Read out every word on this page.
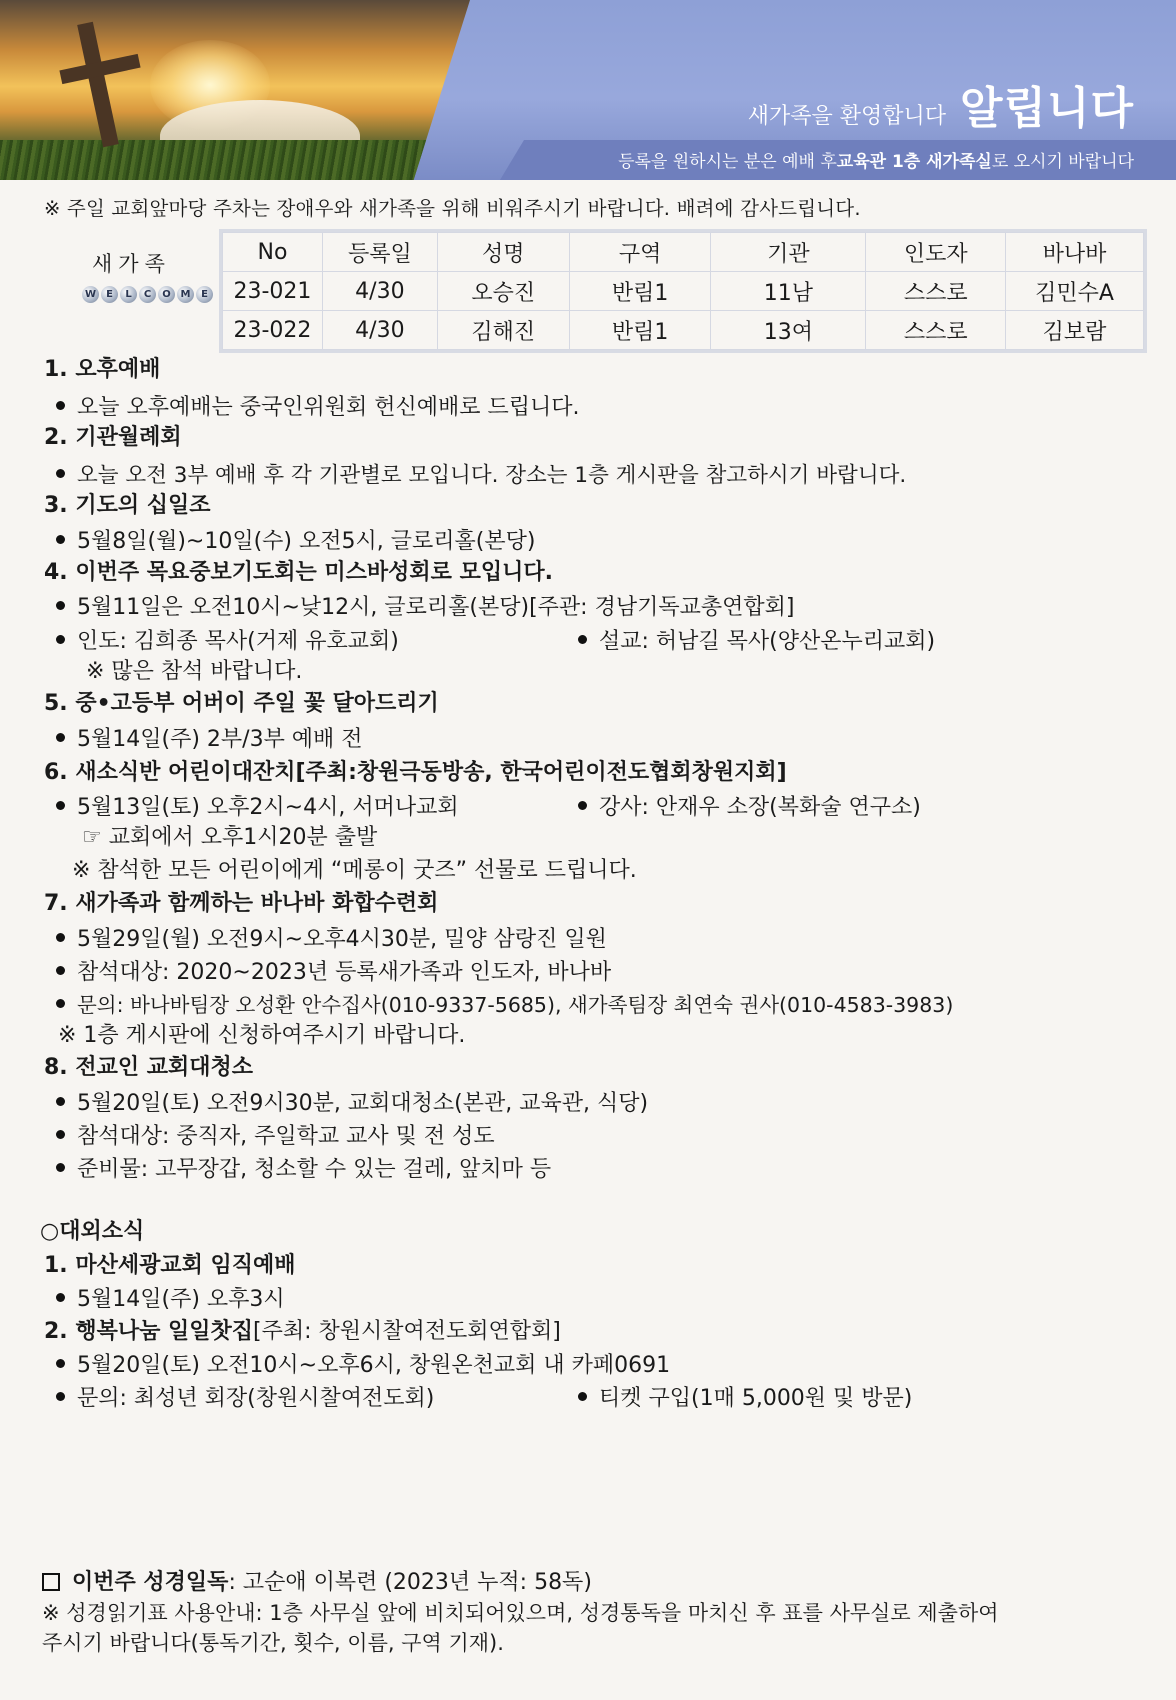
새가족을 환영합니다 알립니다
등록을 원하시는 분은 예배 후 교육관 1층 새가족실 로 오시기 바랍니다
※ 주일 교회앞마당 주차는 장애우와 새가족을 위해 비워주시기 바랍니다. 배려에 감사드립니다.
새가족
W	E	L	C	O M	E
No	등록일	성명	구역	기관	인도자	바나바
23-021	4/30	오승진	반림1	11남	스스로	김민수A
23-022	4/30	김해진	반림1	13여	스스로	김보람
1. 오후예배
오늘 오후예배는 중국인위원회 헌신예배로 드립니다.
2. 기관월례회
오늘 오전 3부 예배 후 각 기관별로 모입니다. 장소는 1층 게시판을 참고하시기 바랍니다.
3. 기도의 십일조
5월8일(월)~10일(수) 오전5시, 글로리홀(본당)
4. 이번주 목요중보기도회는 미스바성회로 모입니다.
5월11일은 오전10시~낮12시, 글로리홀(본당)[주관: 경남기독교총연합회]
인도: 김희종 목사(거제 유호교회)	설교: 허남길 목사(양산온누리교회)
※ 많은 참석 바랍니다.
5. 중•고등부 어버이 주일 꽃 달아드리기
5월14일(주) 2부/3부 예배 전
6. 새소식반 어린이대잔치[주최:창원극동방송, 한국어린이전도협회창원지회]
5월13일(토) 오후2시~4시, 서머나교회	강사: 안재우 소장(복화술 연구소)
☞ 교회에서 오후1시20분 출발
※ 참석한 모든 어린이에게 “메롱이 굿즈” 선물로 드립니다.
7. 새가족과 함께하는 바나바 화합수련회
5월29일(월) 오전9시~오후4시30분, 밀양 삼랑진 일원
참석대상: 2020~2023년 등록새가족과 인도자, 바나바
문의: 바나바팀장 오성환 안수집사(010-9337-5685), 새가족팀장 최연숙 권사(010-4583-3983)
※ 1층 게시판에 신청하여주시기 바랍니다.
8. 전교인 교회대청소
5월20일(토) 오전9시30분, 교회대청소(본관, 교육관, 식당)
참석대상: 중직자, 주일학교 교사 및 전 성도
준비물: 고무장갑, 청소할 수 있는 걸레, 앞치마 등
○대외소식
1. 마산세광교회 임직예배
5월14일(주) 오후3시
2. 행복나눔 일일찻집[주최: 창원시찰여전도회연합회]
5월20일(토) 오전10시~오후6시, 창원온천교회 내 카페0691
문의: 최성년 회장(창원시찰여전도회)	티켓 구입(1매 5,000원 및 방문)
이번주 성경일독: 고순애 이복련 (2023년 누적: 58독)
※ 성경읽기표 사용안내: 1층 사무실 앞에 비치되어있으며, 성경통독을 마치신 후 표를 사무실로 제출하여
주시기 바랍니다(통독기간, 횟수, 이름, 구역 기재).
